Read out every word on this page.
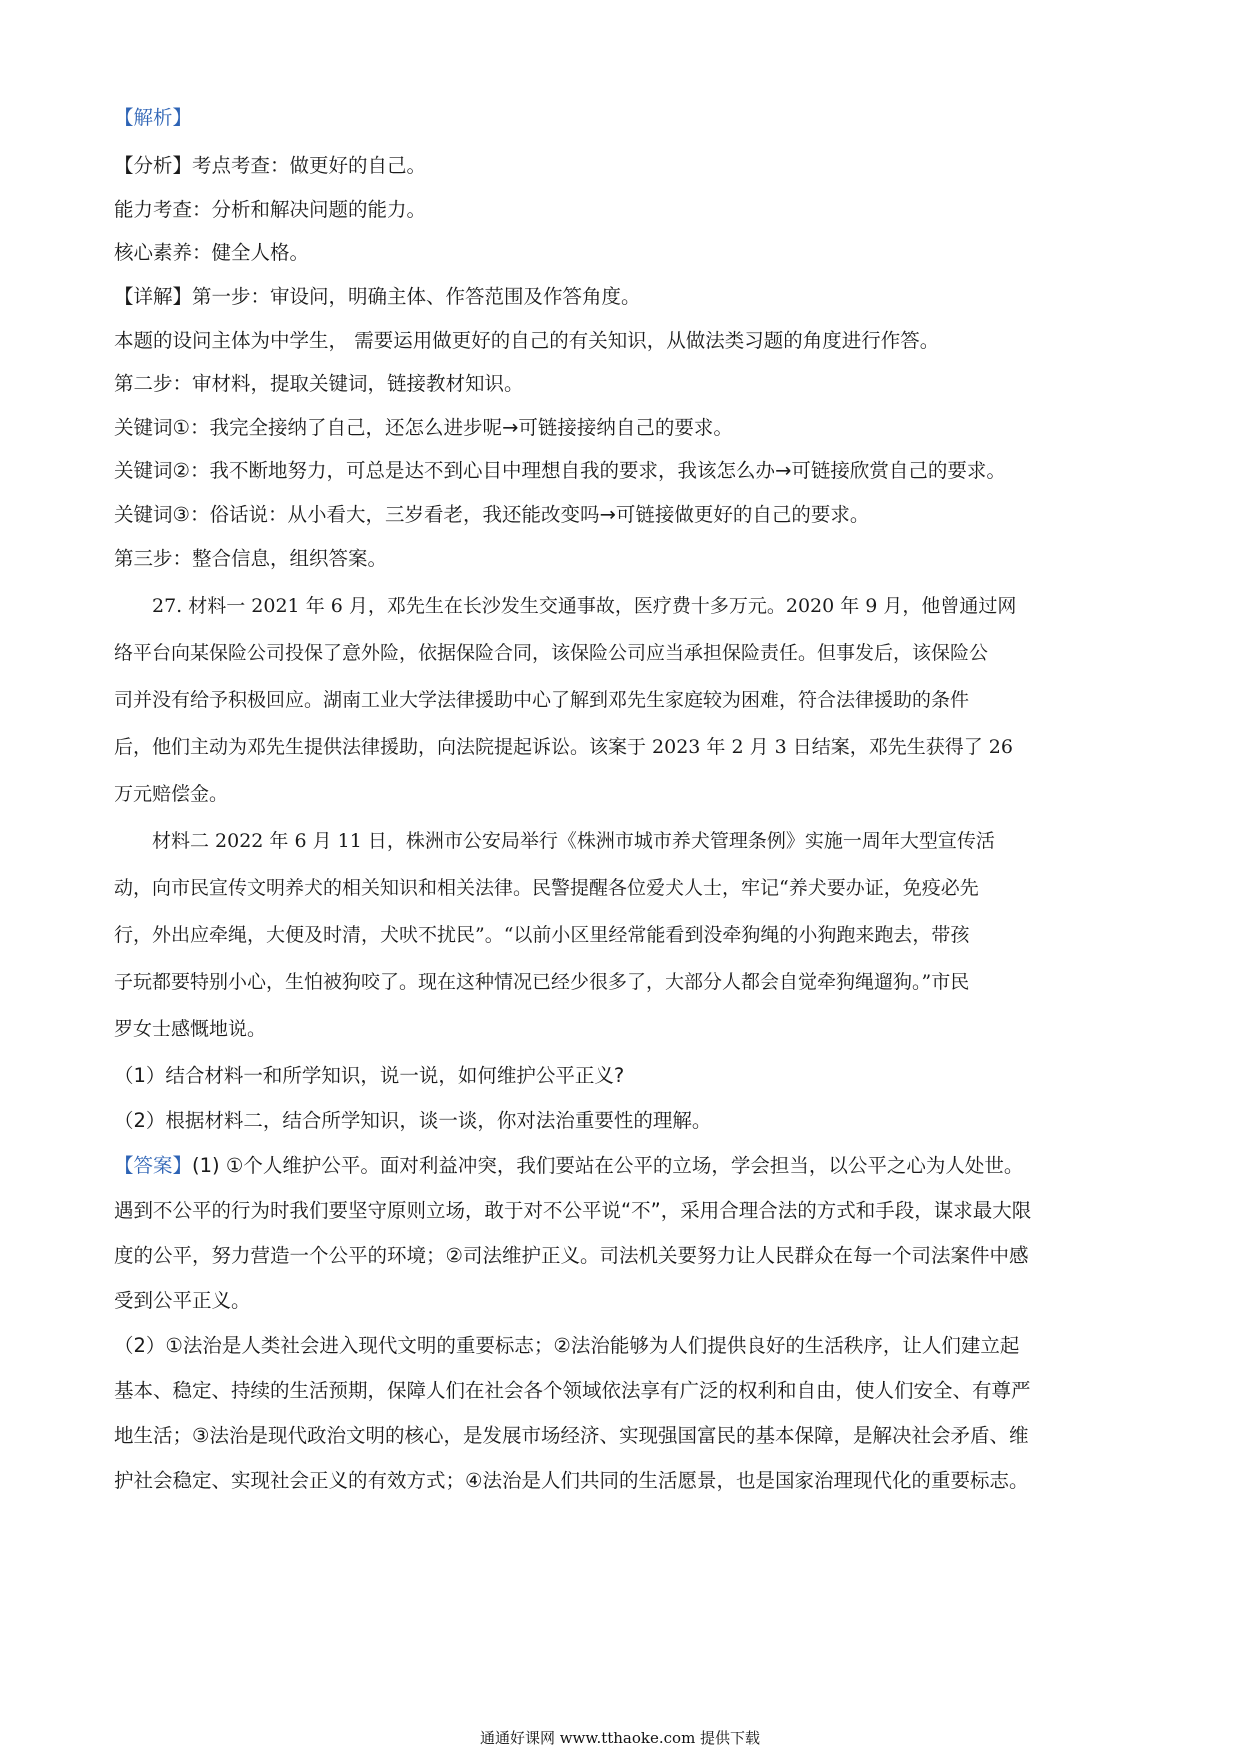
【解析】
【分析】考点考查：做更好的自己。
能力考查：分析和解决问题的能力。
核心素养：健全人格。
【详解】第一步：审设问，明确主体、作答范围及作答角度。
本题的设问主体为中学生， 需要运用做更好的自己的有关知识，从做法类习题的角度进行作答。
第二步：审材料，提取关键词，链接教材知识。
关键词①：我完全接纳了自己，还怎么进步呢→可链接接纳自己的要求。
关键词②：我不断地努力，可总是达不到心目中理想自我的要求，我该怎么办→可链接欣赏自己的要求。
关键词③：俗话说：从小看大，三岁看老，我还能改变吗→可链接做更好的自己的要求。
第三步：整合信息，组织答案。
27. 材料一 2021 年 6 月，邓先生在长沙发生交通事故，医疗费十多万元。2020 年 9 月，他曾通过网
络平台向某保险公司投保了意外险，依据保险合同，该保险公司应当承担保险责任。但事发后，该保险公
司并没有给予积极回应。湖南工业大学法律援助中心了解到邓先生家庭较为困难，符合法律援助的条件
后，他们主动为邓先生提供法律援助，向法院提起诉讼。该案于 2023 年 2 月 3 日结案，邓先生获得了 26
万元赔偿金。
材料二 2022 年 6 月 11 日，株洲市公安局举行《株洲市城市养犬管理条例》实施一周年大型宣传活
动，向市民宣传文明养犬的相关知识和相关法律。民警提醒各位爱犬人士，牢记“养犬要办证，免疫必先
行，外出应牵绳，大便及时清，犬吠不扰民”。“以前小区里经常能看到没牵狗绳的小狗跑来跑去，带孩
子玩都要特别小心，生怕被狗咬了。现在这种情况已经少很多了，大部分人都会自觉牵狗绳遛狗。”市民
罗女士感慨地说。
（1）结合材料一和所学知识，说一说，如何维护公平正义?
（2）根据材料二，结合所学知识，谈一谈，你对法治重要性的理解。
【答案】(1) ①个人维护公平。面对利益冲突，我们要站在公平的立场，学会担当，以公平之心为人处世。
遇到不公平的行为时我们要坚守原则立场，敢于对不公平说“不”，采用合理合法的方式和手段，谋求最大限
度的公平，努力营造一个公平的环境；②司法维护正义。司法机关要努力让人民群众在每一个司法案件中感
受到公平正义。
（2）①法治是人类社会进入现代文明的重要标志；②法治能够为人们提供良好的生活秩序，让人们建立起
基本、稳定、持续的生活预期，保障人们在社会各个领域依法享有广泛的权利和自由，使人们安全、有尊严
地生活；③法治是现代政治文明的核心，是发展市场经济、实现强国富民的基本保障，是解决社会矛盾、维
护社会稳定、实现社会正义的有效方式；④法治是人们共同的生活愿景，也是国家治理现代化的重要标志。
通通好课网 www.tthaoke.com 提供下载
